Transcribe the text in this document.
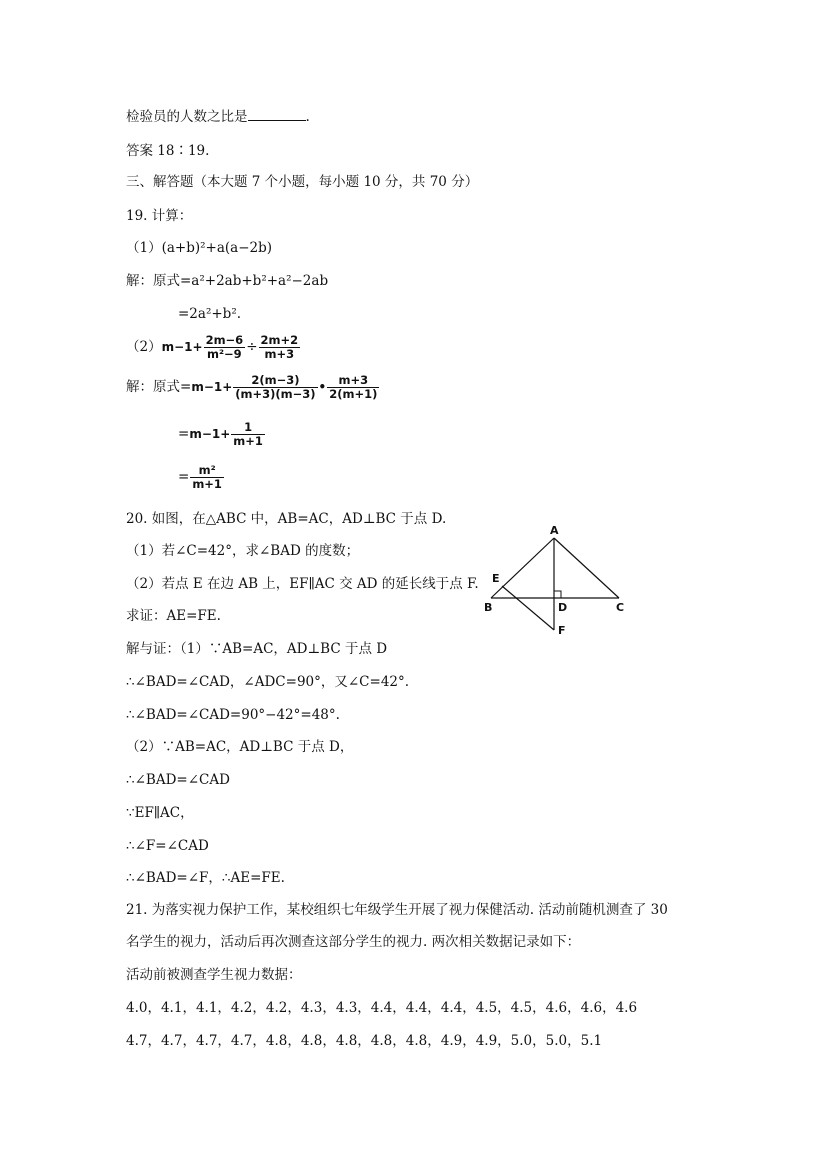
检验员的人数之比是	.
答案 18∶19.
三、解答题（本大题 7 个小题，每小题 10 分，共 70 分）
19. 计算：
（1）(a+b)²+a(a−2b)
解：原式=a²+2ab+b²+a²−2ab
=2a²+b².
$(2)m-1+ \frac{2m-6}{\text{m²−9}} \div \frac{2m+2}{m+3}$
解：原式$=m-1+ \frac{2(m-3)}{(m+3)(m-3)}$ • $\frac{m+3}{2(m+1)}$
$=m-1+ \frac{1}{m+1}$
= $\frac{\text{m²}}{m+1}$
20. 如图，在△ABC 中，AB=AC，AD⊥BC 于点 D.
（1）若∠C=42°，求∠BAD 的度数；
（2）若点 E 在边 AB 上，EF∥AC 交 AD 的延长线于点 F.
求证：AE=FE.
解与证：（1）∵AB=AC，AD⊥BC 于点 D
∴∠BAD=∠CAD，∠ADC=90°，又∠C=42°.
∴∠BAD=∠CAD=90°−42°=48°.
（2）∵AB=AC，AD⊥BC 于点 D，
∴∠BAD=∠CAD
∵EF∥AC，
∴∠F=∠CAD
∴∠BAD=∠F，∴AE=FE.
21. 为落实视力保护工作，某校组织七年级学生开展了视力保健活动. 活动前随机测查了 30
名学生的视力，活动后再次测查这部分学生的视力. 两次相关数据记录如下：
活动前被测查学生视力数据：
4.0，4.1，4.1，4.2，4.2，4.3，4.3，4.4，4.4，4.4，4.5，4.5，4.6，4.6，4.6
4.7，4.7，4.7，4.7，4.8，4.8，4.8，4.8，4.8，4.9，4.9，5.0，5.0，5.1
A
B	C
D
E
F
